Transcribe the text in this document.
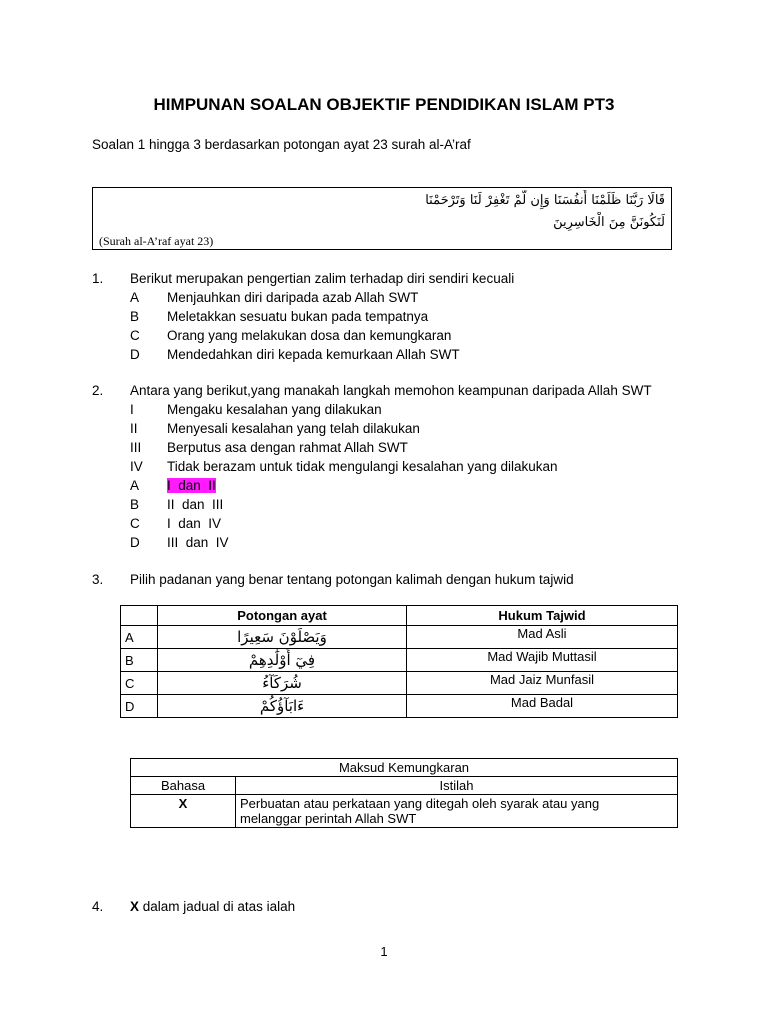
HIMPUNAN SOALAN OBJEKTIF PENDIDIKAN ISLAM PT3
Soalan 1 hingga 3 berdasarkan potongan ayat 23 surah al-A’raf
قَالَا رَبَّنَا ظَلَمْنَا أَنفُسَنَا وَإِن لَّمْ تَغْفِرْ لَنَا وَتَرْحَمْنَا
لَنَكُونَنَّ مِنَ الْخَاسِرِينَ
(Surah al-A’raf ayat 23)
1. Berikut merupakan pengertian zalim terhadap diri sendiri kecuali
A Menjauhkan diri daripada azab Allah SWT
B Meletakkan sesuatu bukan pada tempatnya
C Orang yang melakukan dosa dan kemungkaran
D Mendedahkan diri kepada kemurkaan Allah SWT
2. Antara yang berikut,yang manakah langkah memohon keampunan daripada Allah SWT
I Mengaku kesalahan yang dilakukan
II Menyesali kesalahan yang telah dilakukan
III Berputus asa dengan rahmat Allah SWT
IV Tidak berazam untuk tidak mengulangi kesalahan yang dilakukan
A I  dan  II
B II  dan  III
C I  dan  IV
D III  dan  IV
3. Pilih padanan yang benar tentang potongan kalimah dengan hukum tajwid
	Potongan ayat	Hukum Tajwid
A	وَيَصْلَوْنَ سَعِيرًا	Mad Asli
B	فِيٓ أَوْلَٰدِهِمْ	Mad Wajib Muttasil
C	شُرَكَآءُ	Mad Jaiz Munfasil
D	ءَابَآؤُكُمْ	Mad Badal
Maksud Kemungkaran	
Bahasa	Istilah
X	Perbuatan atau perkataan yang ditegah oleh syarak atau yang
melanggar perintah Allah SWT
4. X dalam jadual di atas ialah
1
